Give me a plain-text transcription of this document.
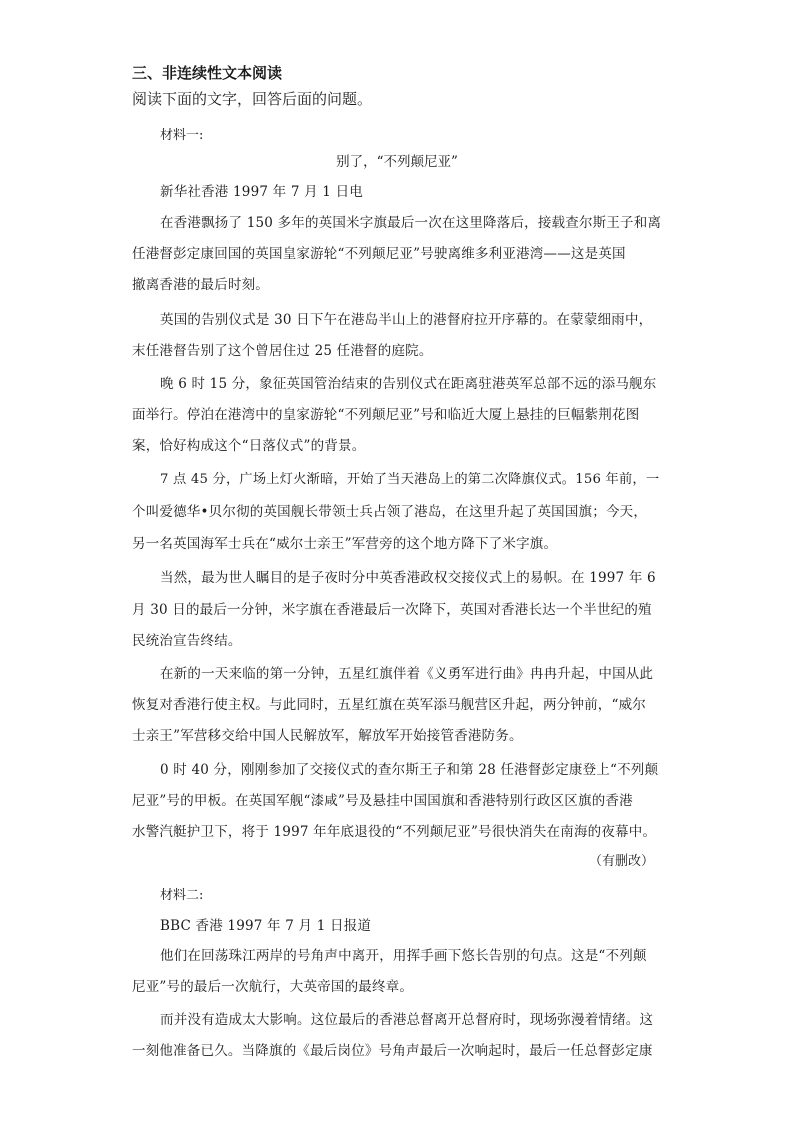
三、非连续性文本阅读
阅读下面的文字，回答后面的问题。
材料一:
别了，“不列颠尼亚”
新华社香港 1997 年 7 月 1 日电
在香港飘扬了 150 多年的英国米字旗最后一次在这里降落后，接载查尔斯王子和离
任港督彭定康回国的英国皇家游轮“不列颠尼亚”号驶离维多利亚港湾——这是英国
撤离香港的最后时刻。
英国的告别仪式是 30 日下午在港岛半山上的港督府拉开序幕的。在蒙蒙细雨中，
末任港督告别了这个曾居住过 25 任港督的庭院。
晚 6 时 15 分，象征英国管治结束的告别仪式在距离驻港英军总部不远的添马舰东
面举行。停泊在港湾中的皇家游轮“不列颠尼亚”号和临近大厦上悬挂的巨幅紫荆花图
案，恰好构成这个“日落仪式”的背景。
7 点 45 分，广场上灯火渐暗，开始了当天港岛上的第二次降旗仪式。156 年前，一
个叫爱德华•贝尔彻的英国舰长带领士兵占领了港岛，在这里升起了英国国旗；今天，
另一名英国海军士兵在“威尔士亲王”军营旁的这个地方降下了米字旗。
当然，最为世人瞩目的是子夜时分中英香港政权交接仪式上的易帜。在 1997 年 6
月 30 日的最后一分钟，米字旗在香港最后一次降下，英国对香港长达一个半世纪的殖
民统治宣告终结。
在新的一天来临的第一分钟，五星红旗伴着《义勇军进行曲》冉冉升起，中国从此
恢复对香港行使主权。与此同时，五星红旗在英军添马舰营区升起，两分钟前，“威尔
士亲王”军营移交给中国人民解放军，解放军开始接管香港防务。
0 时 40 分，刚刚参加了交接仪式的查尔斯王子和第 28 任港督彭定康登上“不列颠
尼亚”号的甲板。在英国军舰“漆咸”号及悬挂中国国旗和香港特别行政区区旗的香港
水警汽艇护卫下，将于 1997 年年底退役的“不列颠尼亚”号很快消失在南海的夜幕中。
（有删改）
材料二:
BBC 香港 1997 年 7 月 1 日报道
他们在回荡珠江两岸的号角声中离开，用挥手画下悠长告别的句点。这是“不列颠
尼亚”号的最后一次航行，大英帝国的最终章。
而并没有造成太大影响。这位最后的香港总督离开总督府时，现场弥漫着情绪。这
一刻他准备已久。当降旗的《最后岗位》号角声最后一次响起时，最后一任总督彭定康
